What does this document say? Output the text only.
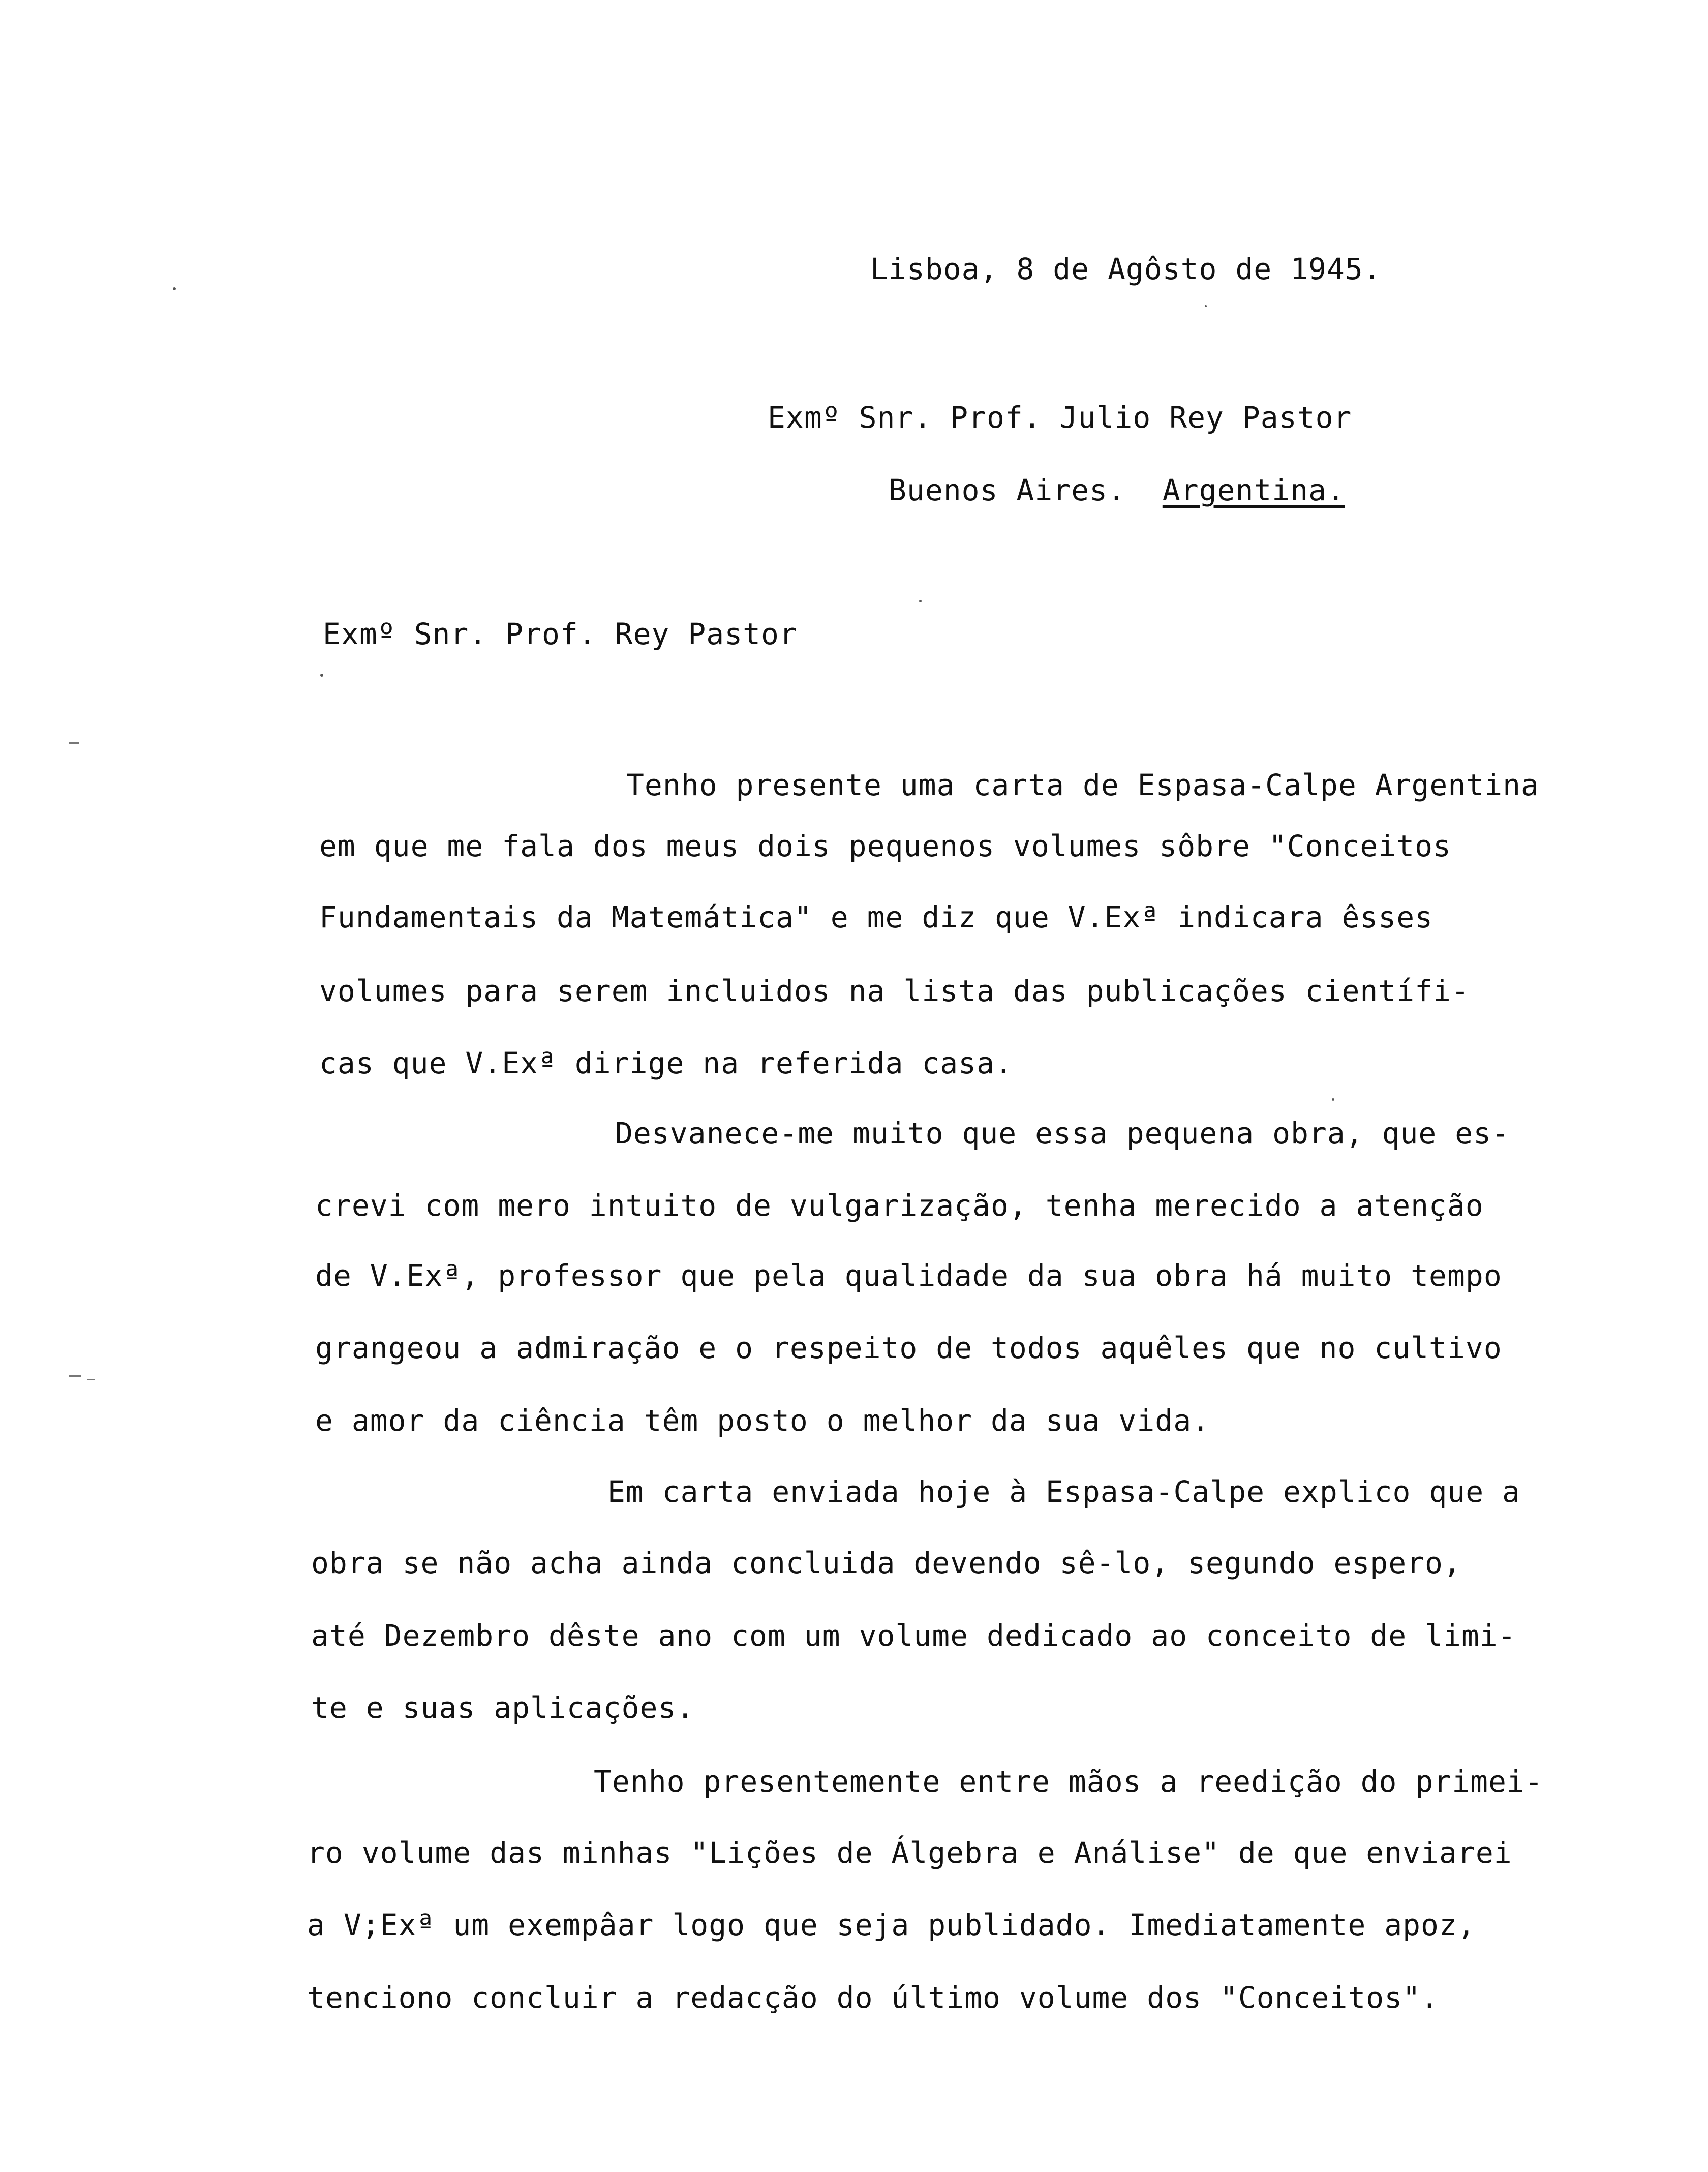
Lisboa, 8 de Agôsto de 1945.
Exmº Snr. Prof. Julio Rey Pastor
Buenos Aires. Argentina.
Exmº Snr. Prof. Rey Pastor
Tenho presente uma carta de Espasa-Calpe Argentina
em que me fala dos meus dois pequenos volumes sôbre "Conceitos
Fundamentais da Matemática" e me diz que V.Exª indicara êsses
volumes para serem incluidos na lista das publicações científi-
cas que V.Exª dirige na referida casa.
Desvanece-me muito que essa pequena obra, que es-
crevi com mero intuito de vulgarização, tenha merecido a atenção
de V.Exª, professor que pela qualidade da sua obra há muito tempo
grangeou a admiração e o respeito de todos aquêles que no cultivo
e amor da ciência têm posto o melhor da sua vida.
Em carta enviada hoje à Espasa-Calpe explico que a
obra se não acha ainda concluida devendo sê-lo, segundo espero,
até Dezembro dêste ano com um volume dedicado ao conceito de limi-
te e suas aplicações.
Tenho presentemente entre mãos a reedição do primei-
ro volume das minhas "Lições de Álgebra e Análise" de que enviarei
a V;Exª um exempâar logo que seja publidado. Imediatamente apoz,
tenciono concluir a redacção do último volume dos "Conceitos".
